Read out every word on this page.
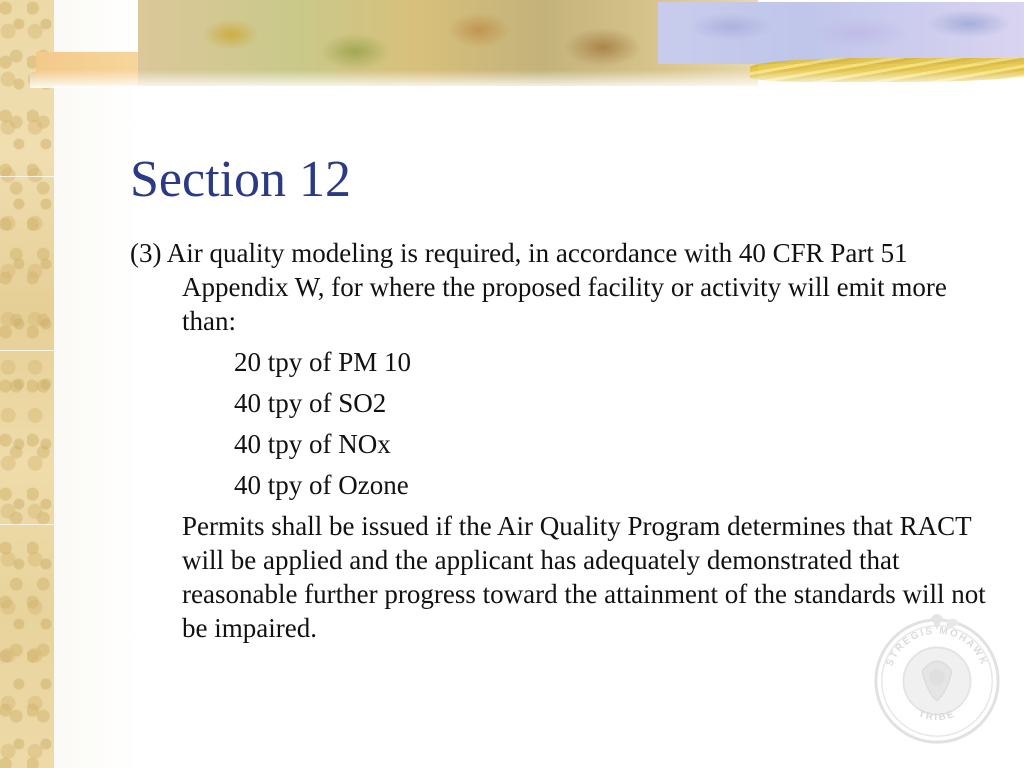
Section 12

(3) Air quality modeling is required, in accordance with 40 CFR Part 51 Appendix W, for where the proposed facility or activity will emit more than:

20 tpy of PM 10

40 tpy of SO2

40 tpy of NOx

40 tpy of Ozone

Permits shall be issued if the Air Quality Program determines that RACT will be applied and the applicant has adequately demonstrated that reasonable further progress toward the attainment of the standards will not be impaired.

STREGIS MOHAWK
TRIBE
